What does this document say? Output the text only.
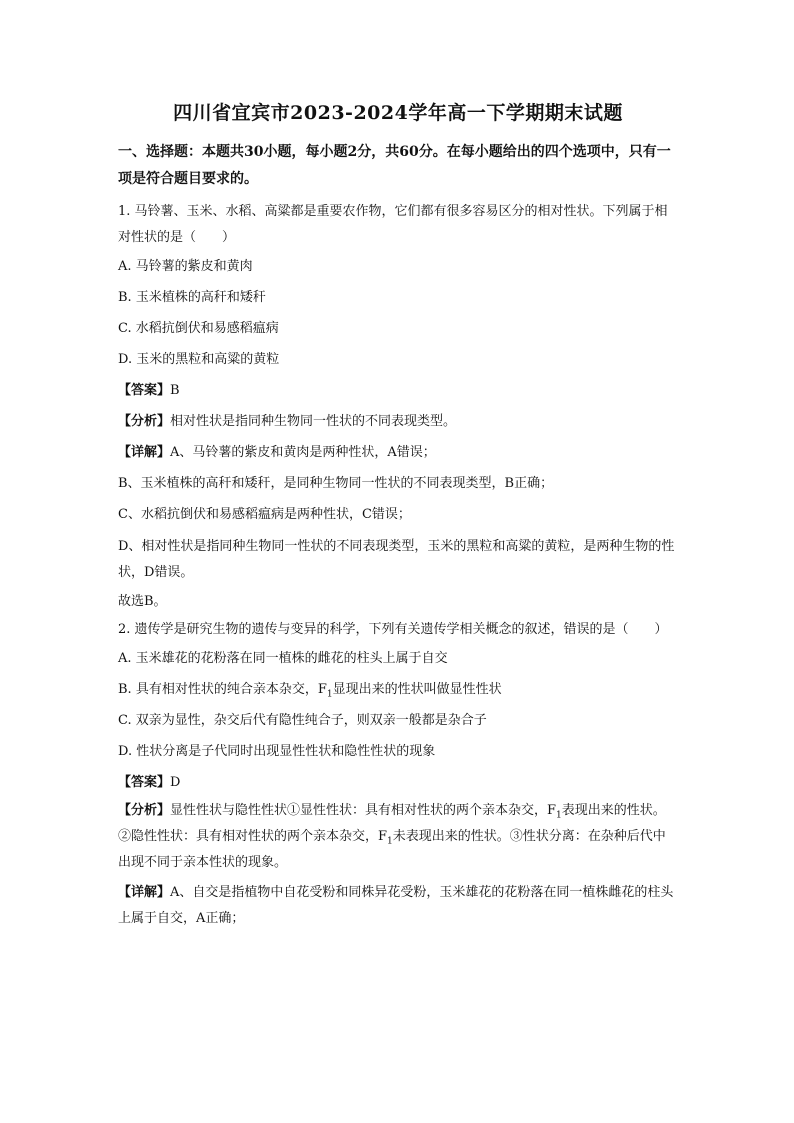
四川省宜宾市2023-2024学年高一下学期期末试题
一、选择题：本题共30小题，每小题2分，共60分。在每小题给出的四个选项中，只有一项是符合题目要求的。
1. 马铃薯、玉米、水稻、高粱都是重要农作物，它们都有很多容易区分的相对性状。下列属于相对性状的是（　　）
A. 马铃薯的紫皮和黄肉
B. 玉米植株的高秆和矮秆
C. 水稻抗倒伏和易感稻瘟病
D. 玉米的黑粒和高粱的黄粒
【答案】B
【分析】相对性状是指同种生物同一性状的不同表现类型。
【详解】A、马铃薯的紫皮和黄肉是两种性状，A错误；
B、玉米植株的高秆和矮秆，是同种生物同一性状的不同表现类型，B正确；
C、水稻抗倒伏和易感稻瘟病是两种性状，C错误；
D、相对性状是指同种生物同一性状的不同表现类型，玉米的黑粒和高粱的黄粒，是两种生物的性状，D错误。
故选B。
2. 遗传学是研究生物的遗传与变异的科学，下列有关遗传学相关概念的叙述，错误的是（　　）
A. 玉米雄花的花粉落在同一植株的雌花的柱头上属于自交
B. 具有相对性状的纯合亲本杂交，$F_1$显现出来的性状叫做显性性状
C. 双亲为显性，杂交后代有隐性纯合子，则双亲一般都是杂合子
D. 性状分离是子代同时出现显性性状和隐性性状的现象
【答案】D
【分析】显性性状与隐性性状①显性性状：具有相对性状的两个亲本杂交，$F_1$表现出来的性状。②隐性性状：具有相对性状的两个亲本杂交，$F_1$未表现出来的性状。③性状分离：在杂种后代中出现不同于亲本性状的现象。
【详解】A、自交是指植物中自花受粉和同株异花受粉，玉米雄花的花粉落在同一植株雌花的柱头上属于自交，A正确；
